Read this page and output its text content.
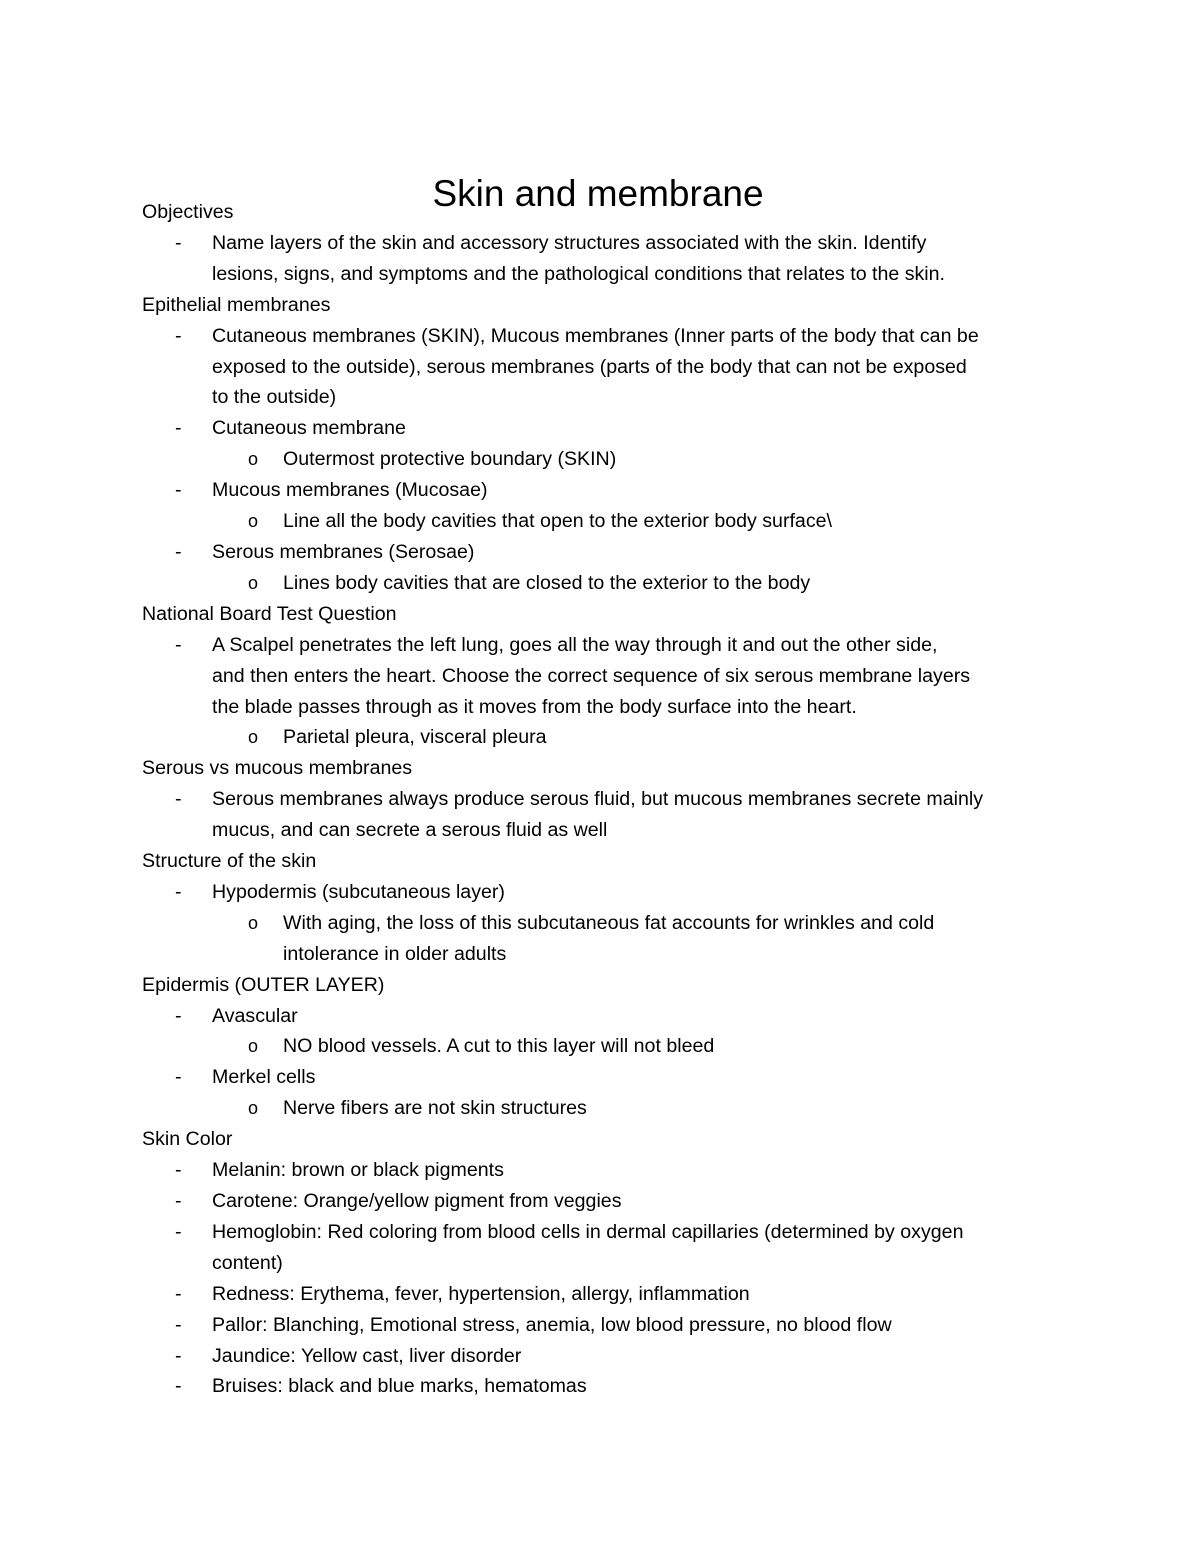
Skin and membrane
Objectives
- Name layers of the skin and accessory structures associated with the skin. Identify
lesions, signs, and symptoms and the pathological conditions that relates to the skin.
Epithelial membranes
- Cutaneous membranes (SKIN), Mucous membranes (Inner parts of the body that can be
exposed to the outside), serous membranes (parts of the body that can not be exposed
to the outside)
- Cutaneous membrane
o Outermost protective boundary (SKIN)
- Mucous membranes (Mucosae)
o Line all the body cavities that open to the exterior body surface\
- Serous membranes (Serosae)
o Lines body cavities that are closed to the exterior to the body
National Board Test Question
- A Scalpel penetrates the left lung, goes all the way through it and out the other side,
and then enters the heart. Choose the correct sequence of six serous membrane layers
the blade passes through as it moves from the body surface into the heart.
o Parietal pleura, visceral pleura
Serous vs mucous membranes
- Serous membranes always produce serous fluid, but mucous membranes secrete mainly
mucus, and can secrete a serous fluid as well
Structure of the skin
- Hypodermis (subcutaneous layer)
o With aging, the loss of this subcutaneous fat accounts for wrinkles and cold
intolerance in older adults
Epidermis (OUTER LAYER)
- Avascular
o NO blood vessels. A cut to this layer will not bleed
- Merkel cells
o Nerve fibers are not skin structures
Skin Color
- Melanin: brown or black pigments
- Carotene: Orange/yellow pigment from veggies
- Hemoglobin: Red coloring from blood cells in dermal capillaries (determined by oxygen
content)
- Redness: Erythema, fever, hypertension, allergy, inflammation
- Pallor: Blanching, Emotional stress, anemia, low blood pressure, no blood flow
- Jaundice: Yellow cast, liver disorder
- Bruises: black and blue marks, hematomas
